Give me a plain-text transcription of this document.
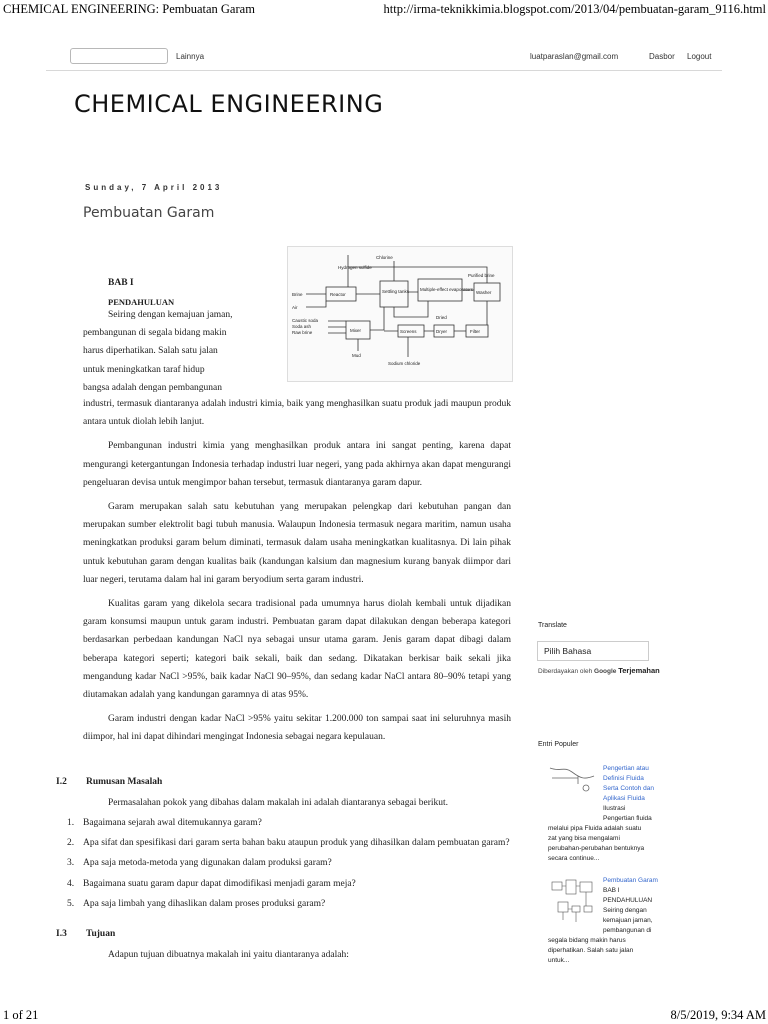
CHEMICAL ENGINEERING: Pembuatan Garam	http://irma-teknikkimia.blogspot.com/2013/04/pembuatan-garam_9116.html
Lainnya	luatparaslan@gmail.com	Dasbor Logout
CHEMICAL ENGINEERING
Sunday, 7 April 2013
Pembuatan Garam
Chlorine
Hydrogen sulfide
Purified brine
Brine	Reactor
Settling tanks Multiple-effect evaporators
Washer
Air
Caustic soda
Soda ash
Raw brine	Mixer
Mud
Dried
Screens	Dryer	Filter
Sodium chloride
BAB I
PENDAHULUAN
Seiring dengan kemajuan jaman,
pembangunan di segala bidang makin
harus diperhatikan. Salah satu jalan
untuk meningkatkan taraf hidup
bangsa adalah dengan pembangunan
industri, termasuk diantaranya adalah industri kimia, baik yang menghasilkan suatu produk jadi maupun produk antara untuk diolah lebih lanjut.
Pembangunan industri kimia yang menghasilkan produk antara ini sangat penting, karena dapat mengurangi ketergantungan Indonesia terhadap industri luar negeri, yang pada akhirnya akan dapat mengurangi pengeluaran devisa untuk mengimpor bahan tersebut, termasuk diantaranya garam dapur.
Garam merupakan salah satu kebutuhan yang merupakan pelengkap dari kebutuhan pangan dan merupakan sumber elektrolit bagi tubuh manusia. Walaupun Indonesia termasuk negara maritim, namun usaha meningkatkan produksi garam belum diminati, termasuk dalam usaha meningkatkan kualitasnya. Di lain pihak untuk kebutuhan garam dengan kualitas baik (kandungan kalsium dan magnesium kurang banyak diimpor dari luar negeri, terutama dalam hal ini garam beryodium serta garam industri.
Kualitas garam yang dikelola secara tradisional pada umumnya harus diolah kembali untuk dijadikan garam konsumsi maupun untuk garam industri. Pembuatan garam dapat dilakukan dengan beberapa kategori berdasarkan perbedaan kandungan NaCl nya sebagai unsur utama garam. Jenis garam dapat dibagi dalam beberapa kategori seperti; kategori baik sekali, baik dan sedang. Dikatakan berkisar baik sekali jika mengandung kadar NaCl >95%, baik kadar NaCl 90–95%, dan sedang kadar NaCl antara 80–90% tetapi yang diutamakan adalah yang kandungan garamnya di atas 95%.
Garam industri dengan kadar NaCl >95% yaitu sekitar 1.200.000 ton sampai saat ini seluruhnya masih diimpor, hal ini dapat dihindari mengingat Indonesia sebagai negara kepulauan.
I.2 Rumusan Masalah
Permasalahan pokok yang dibahas dalam makalah ini adalah diantaranya sebagai berikut.
1. Bagaimana sejarah awal ditemukannya garam?
2. Apa sifat dan spesifikasi dari garam serta bahan baku ataupun produk yang dihasilkan dalam pembuatan garam?
3. Apa saja metoda-metoda yang digunakan dalam produksi garam?
4. Bagaimana suatu garam dapur dapat dimodifikasi menjadi garam meja?
5. Apa saja limbah yang dihaslikan dalam proses produksi garam?
I.3 Tujuan
Adapun tujuan dibuatnya makalah ini yaitu diantaranya adalah:
Translate
Pilih Bahasa
Diberdayakan oleh Google Terjemahan
Entri Populer
Pengertian atau
Definisi Fluida
Serta Contoh dan
Aplikasi Fluida
Ilustrasi
Pengertian fluida
melalui pipa Fluida adalah suatu
zat yang bisa mengalami
perubahan-perubahan bentuknya
secara continue...
Pembuatan Garam
BAB I
PENDAHULUAN
Seiring dengan
kemajuan jaman,
pembangunan di
segala bidang makin harus
diperhatikan. Salah satu jalan
untuk...
1 of 21	8/5/2019, 9:34 AM
